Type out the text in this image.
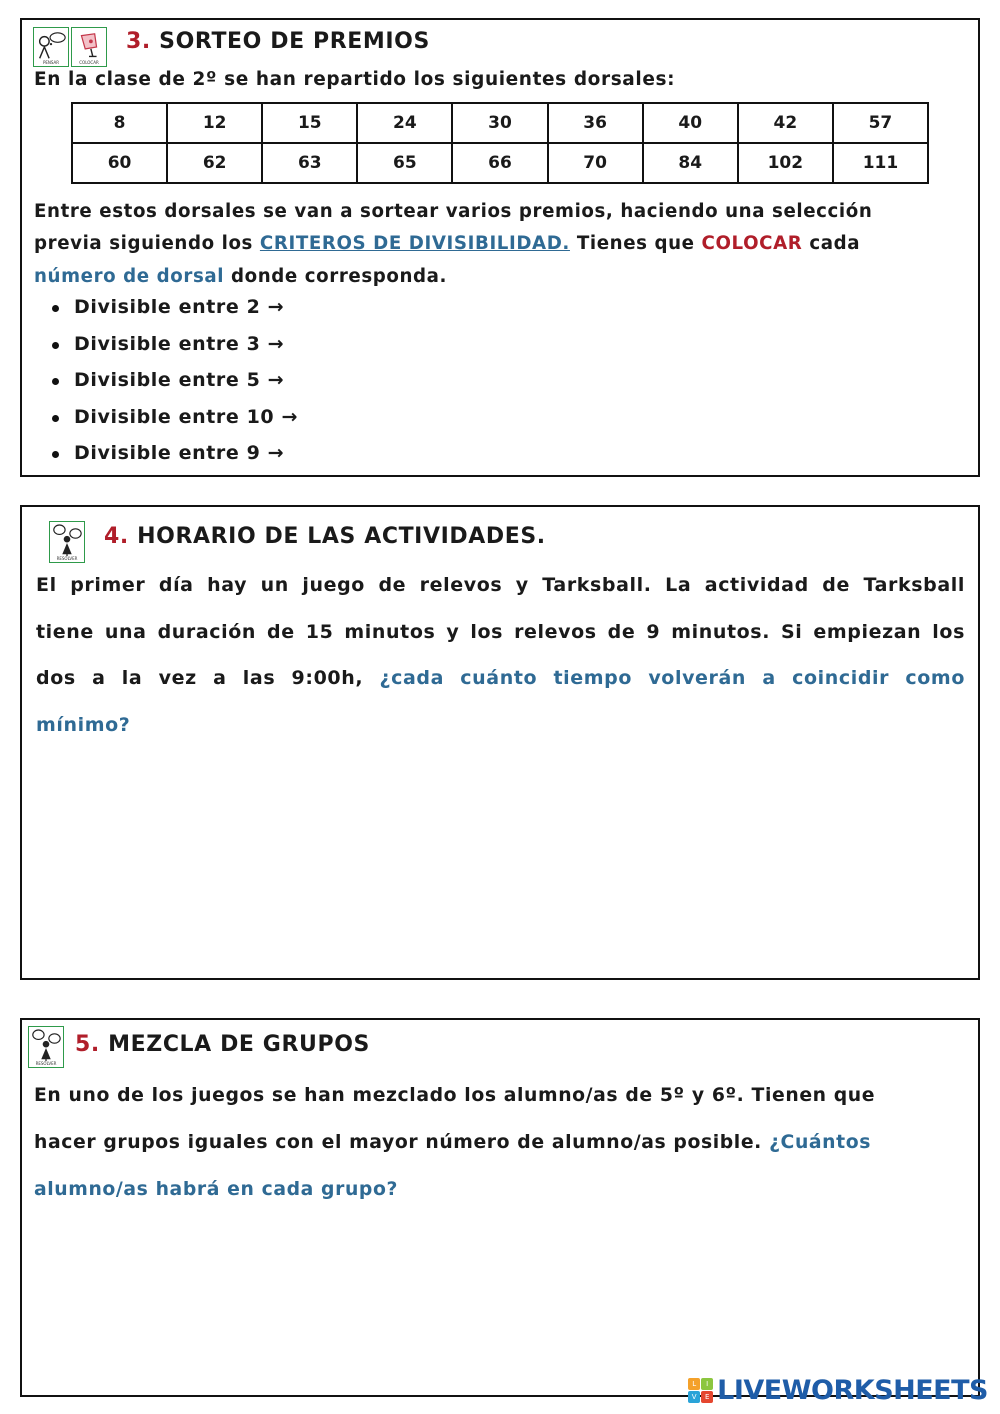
PENSAR	COLOCAR
3. SORTEO DE PREMIOS
En la clase de 2º se han repartido los siguientes dorsales:
8	12	15	24	30	36	40	42	57
60	62	63	65	66	70	84	102	111
Entre estos dorsales se van a sortear varios premios, haciendo una selección
previa siguiendo los CRITEROS DE DIVISIBILIDAD. Tienes que COLOCAR cada
número de dorsal donde corresponda.
Divisible entre 2 →
Divisible entre 3 →
Divisible entre 5 →
Divisible entre 10 →
Divisible entre 9 →
RESOLVER
4. HORARIO DE LAS ACTIVIDADES.
El primer día hay un juego de relevos y Tarksball. La actividad de Tarksball
tiene una duración de 15 minutos y los relevos de 9 minutos. Si empiezan los
dos a la vez a las 9:00h, ¿cada cuánto tiempo volverán a coincidir como
mínimo?
RESOLVER
5. MEZCLA DE GRUPOS
En uno de los juegos se han mezclado los alumno/as de 5º y 6º. Tienen que
hacer grupos iguales con el mayor número de alumno/as posible. ¿Cuántos
alumno/as habrá en cada grupo?
L	I
V	E LIVEWORKSHEETS
